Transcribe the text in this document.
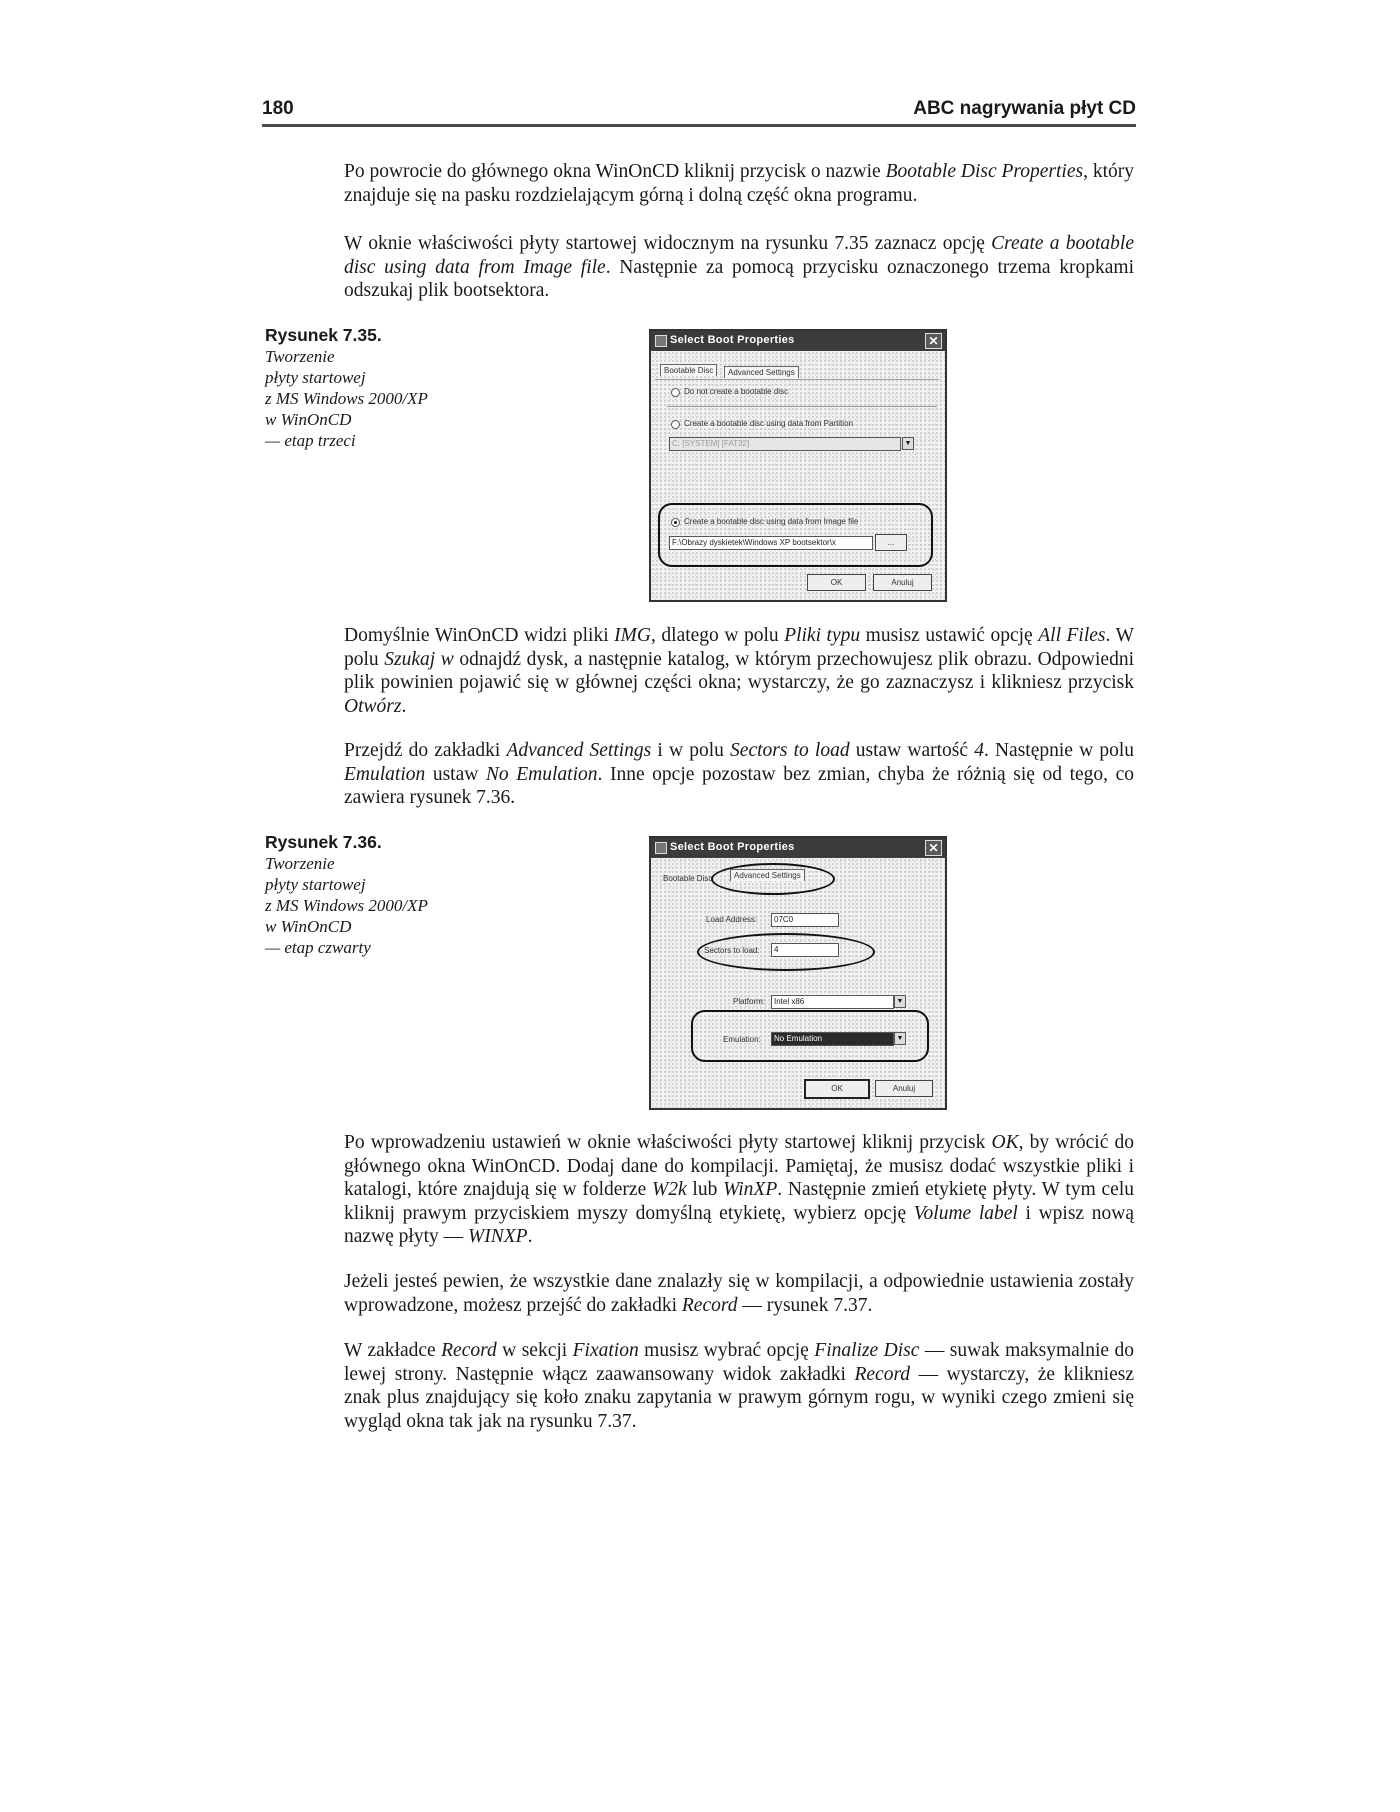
180	ABC nagrywania płyt CD

Po powrocie do głównego okna WinOnCD kliknij przycisk o nazwie Bootable Disc Properties, który znajduje się na pasku rozdzielającym górną i dolną część okna programu.

W oknie właściwości płyty startowej widocznym na rysunku 7.35 zaznacz opcję Create a bootable disc using data from Image file. Następnie za pomocą przycisku oznaczonego trzema kropkami odszukaj plik bootsektora.

Rysunek 7.35.
Tworzenie
płyty startowej
z MS Windows 2000/XP
w WinOnCD
— etap trzeci
Select Boot Properties	✕
Bootable Disc	Advanced Settings
Do not create a bootable disc
Create a bootable disc using data from Partition
C: [SYSTEM] [FAT32]	▼
Create a bootable disc using data from Image file
F:\Obrazy dyskietek\Windows XP bootsektor\x	...
OK	Anuluj

Domyślnie WinOnCD widzi pliki IMG, dlatego w polu Pliki typu musisz ustawić opcję All Files. W polu Szukaj w odnajdź dysk, a następnie katalog, w którym przechowujesz plik obrazu. Odpowiedni plik powinien pojawić się w głównej części okna; wystarczy, że go zaznaczysz i klikniesz przycisk Otwórz.

Przejdź do zakładki Advanced Settings i w polu Sectors to load ustaw wartość 4. Następnie w polu Emulation ustaw No Emulation. Inne opcje pozostaw bez zmian, chyba że różnią się od tego, co zawiera rysunek 7.36.

Rysunek 7.36.
Tworzenie
płyty startowej
z MS Windows 2000/XP
w WinOnCD
— etap czwarty
Select Boot Properties	✕
Bootable Disc	Advanced Settings
Load Address:	07C0
Sectors to load:	4
Platform:	Intel x86	▼
Emulation:	No Emulation	▼
OK	Anuluj

Po wprowadzeniu ustawień w oknie właściwości płyty startowej kliknij przycisk OK, by wrócić do głównego okna WinOnCD. Dodaj dane do kompilacji. Pamiętaj, że musisz dodać wszystkie pliki i katalogi, które znajdują się w folderze W2k lub WinXP. Następnie zmień etykietę płyty. W tym celu kliknij prawym przyciskiem myszy domyślną etykietę, wybierz opcję Volume label i wpisz nową nazwę płyty — WINXP.

Jeżeli jesteś pewien, że wszystkie dane znalazły się w kompilacji, a odpowiednie ustawienia zostały wprowadzone, możesz przejść do zakładki Record — rysunek 7.37.

W zakładce Record w sekcji Fixation musisz wybrać opcję Finalize Disc — suwak maksymalnie do lewej strony. Następnie włącz zaawansowany widok zakładki Record — wystarczy, że klikniesz znak plus znajdujący się koło znaku zapytania w prawym górnym rogu, w wyniki czego zmieni się wygląd okna tak jak na rysunku 7.37.
